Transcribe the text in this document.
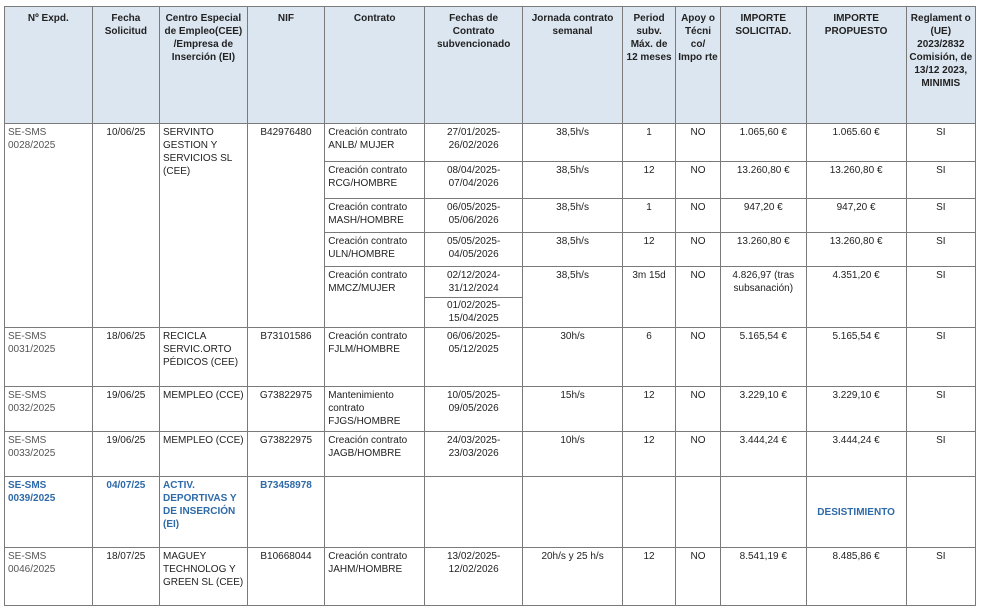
Nº Expd.	Fecha Solicitud	Centro Especial de Empleo(CEE) /Empresa de Inserción (EI)	NIF	Contrato	Fechas de Contrato subvencionado	Jornada contrato semanal	Period subv. Máx. de 12 meses	Apoy o Técni co/ Impo rte	IMPORTE SOLICITAD.	IMPORTE PROPUESTO	Reglament o (UE) 2023/2832 Comisión, de 13/12 2023, MINIMIS
SE-SMS 0028/2025	10/06/25	SERVINTO GESTION Y SERVICIOS SL (CEE)	B42976480	Creación contrato ANLB/ MUJER	27/01/2025-26/02/2026	38,5h/s	1	NO	1.065,60 €	1.065.60 €	SI
				Creación contrato RCG/HOMBRE	08/04/2025-07/04/2026	38,5h/s	12	NO	13.260,80 €	13.260,80 €	SI
				Creación contrato MASH/HOMBRE	06/05/2025-05/06/2026	38,5h/s	1	NO	947,20 €	947,20 €	SI
				Creación contrato ULN/HOMBRE	05/05/2025-04/05/2026	38,5h/s	12	NO	13.260,80 €	13.260,80 €	SI
				Creación contrato MMCZ/MUJER	02/12/2024-31/12/2024
01/02/2025-15/04/2025	38,5h/s	3m 15d	NO	4.826,97 (tras subsanación)	4.351,20 €	SI
SE-SMS 0031/2025	18/06/25	RECICLA SERVIC.ORTO PÉDICOS (CEE)	B73101586	Creación contrato FJLM/HOMBRE	06/06/2025-05/12/2025	30h/s	6	NO	5.165,54 €	5.165,54 €	SI
SE-SMS 0032/2025	19/06/25	MEMPLEO (CCE)	G73822975	Mantenimiento contrato FJGS/HOMBRE	10/05/2025-09/05/2026	15h/s	12	NO	3.229,10 €	3.229,10 €	SI
SE-SMS 0033/2025	19/06/25	MEMPLEO (CCE)	G73822975	Creación contrato JAGB/HOMBRE	24/03/2025-23/03/2026	10h/s	12	NO	3.444,24 €	3.444,24 €	SI
SE-SMS 0039/2025	04/07/25	ACTIV. DEPORTIVAS Y DE INSERCIÓN (EI)	B73458978							DESISTIMIENTO	
SE-SMS 0046/2025	18/07/25	MAGUEY TECHNOLOG Y GREEN SL (CEE)	B10668044	Creación contrato JAHM/HOMBRE	13/02/2025-12/02/2026	20h/s y 25 h/s	12	NO	8.541,19 €	8.485,86 €	SI
